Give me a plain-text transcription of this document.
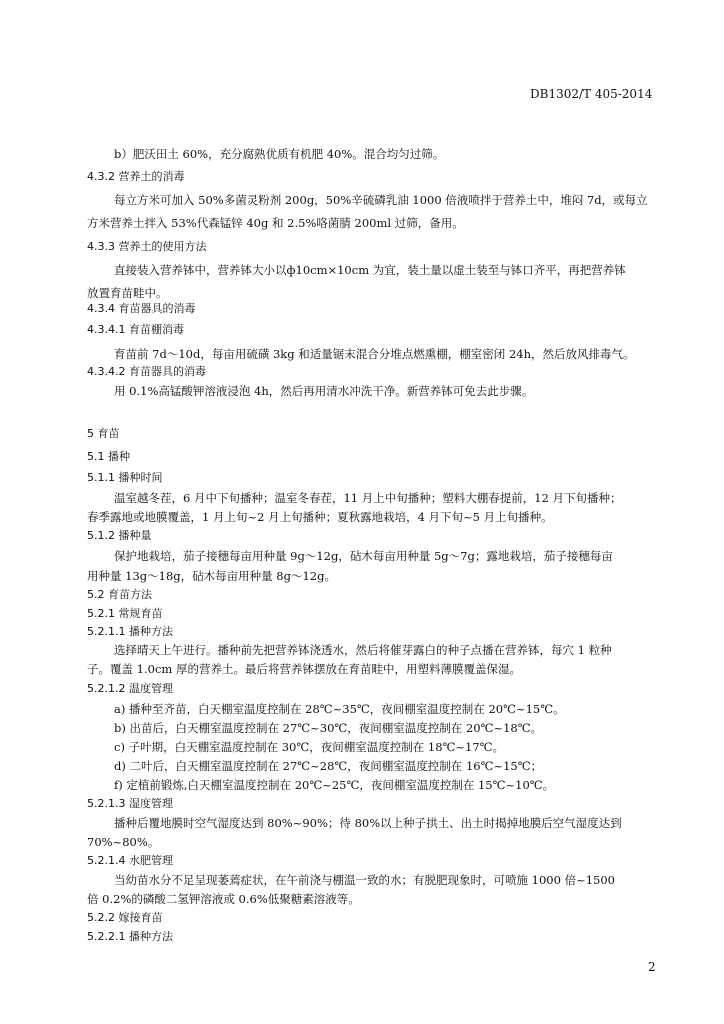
DB1302/T 405-2014
b）肥沃田土 60%，充分腐熟优质有机肥 40%。混合均匀过筛。
4.3.2 营养土的消毒
每立方米可加入 50%多菌灵粉剂 200g，50%辛硫磷乳油 1000 倍液喷拌于营养土中，堆闷 7d，或每立
方米营养土拌入 53%代森锰锌 40g 和 2.5%咯菌腈 200ml 过筛，备用。
4.3.3 营养土的使用方法
直接装入营养钵中，营养钵大小以ф10cm×10cm 为宜，装土量以虚土装至与钵口齐平，再把营养钵
放置育苗畦中。
4.3.4 育苗器具的消毒
4.3.4.1 育苗棚消毒
育苗前 7d～10d，每亩用硫磺 3kg 和适量锯末混合分堆点燃熏棚，棚室密闭 24h，然后放风排毒气。
4.3.4.2 育苗器具的消毒
用 0.1%高锰酸钾溶液浸泡 4h，然后再用清水冲洗干净。新营养钵可免去此步骤。
5 育苗
5.1 播种
5.1.1 播种时间
温室越冬茬，6 月中下旬播种；温室冬春茬，11 月上中旬播种；塑料大棚春提前，12 月下旬播种；
春季露地或地膜覆盖，1 月上旬~2 月上旬播种；夏秋露地栽培，4 月下旬~5 月上旬播种。
5.1.2 播种量
保护地栽培，茄子接穗每亩用种量 9g～12g，砧木每亩用种量 5g～7g；露地栽培，茄子接穗每亩
用种量 13g～18g，砧木每亩用种量 8g～12g。
5.2 育苗方法
5.2.1 常规育苗
5.2.1.1 播种方法
选择晴天上午进行。播种前先把营养钵浇透水，然后将催芽露白的种子点播在营养钵，每穴 1 粒种
子。覆盖 1.0cm 厚的营养土。最后将营养钵摆放在育苗畦中，用塑料薄膜覆盖保湿。
5.2.1.2 温度管理
a) 播种至齐苗，白天棚室温度控制在 28℃~35℃，夜间棚室温度控制在 20℃~15℃。
b) 出苗后，白天棚室温度控制在 27℃~30℃，夜间棚室温度控制在 20℃~18℃。
c) 子叶期，白天棚室温度控制在 30℃，夜间棚室温度控制在 18℃~17℃。
d) 二叶后，白天棚室温度控制在 27℃~28℃，夜间棚室温度控制在 16℃~15℃；
f) 定植前锻炼,白天棚室温度控制在 20℃~25℃，夜间棚室温度控制在 15℃~10℃。
5.2.1.3 湿度管理
播种后覆地膜时空气湿度达到 80%~90%；待 80%以上种子拱土、出土时揭掉地膜后空气湿度达到
70%~80%。
5.2.1.4 水肥管理
当幼苗水分不足呈现萎蔫症状，在午前浇与棚温一致的水；有脱肥现象时，可喷施 1000 倍~1500
倍 0.2%的磷酸二氢钾溶液或 0.6%低聚糖素溶液等。
5.2.2 嫁接育苗
5.2.2.1 播种方法
2
